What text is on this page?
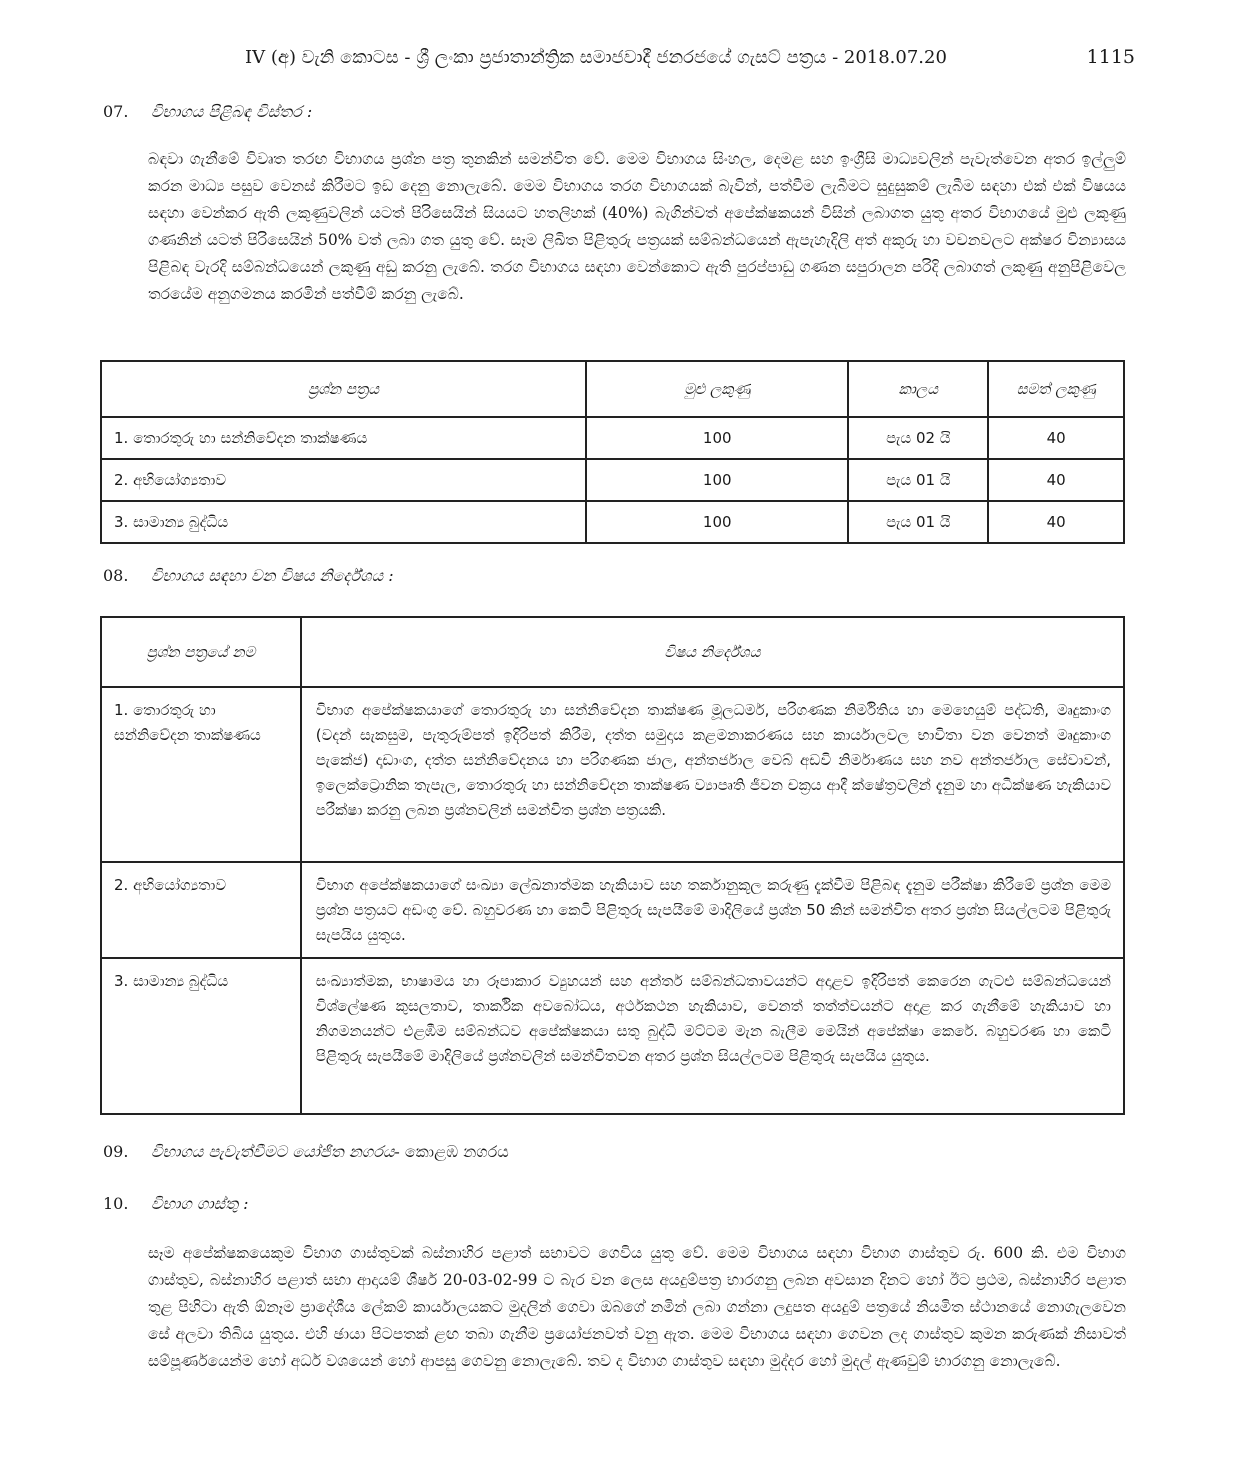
IV (අ) වැනි කොටස - ශ්‍රී ලංකා ප්‍රජාතාන්ත්‍රික සමාජවාදී ජනරජයේ ගැසට් පත්‍රය - 2018.07.20	1115
07.	විභාගය පිළිබඳ විස්තර :
බඳවා ගැනීමේ විවෘත තරඟ විභාගය ප්‍රශ්න පත්‍ර තුනකින් සමන්විත වේ. මෙම විභාගය සිංහල, දෙමළ සහ ඉංග්‍රීසි මාධ්‍යවලින් පැවැත්වෙන අතර ඉල්ලුම් කරන මාධ්‍ය පසුව වෙනස් කිරීමට ඉඩ දෙනු නොලැබේ. මෙම විභාගය තරග විභාගයක් බැවින්, පත්වීම ලැබීමට සුදුසුකම් ලැබීම සඳහා එක් එක් විෂයය සඳහා වෙන්කර ඇති ලකුණුවලින් යටත් පිරිසෙයින් සියයට හතලිහක් (40%) බැගින්වත් අපේක්ෂකයන් විසින් ලබාගත යුතු අතර විභාගයේ මුළු ලකුණු ගණනින් යටත් පිරිසෙයින් 50% වත් ලබා ගත යුතු වේ. සෑම ලිඛිත පිළිතුරු පත්‍රයක් සම්බන්ධයෙන් ඇපැහැදිලි අත් අකුරු හා වචනවලට අක්ෂර වින්‍යාසය පිළිබඳ වැරදි සම්බන්ධයෙන් ලකුණු අඩු කරනු ලැබේ. තරග විභාගය සඳහා වෙන්කොට ඇති පුරප්පාඩු ගණන සපුරාලන පරිදි ලබාගත් ලකුණු අනුපිළිවෙල තරයේම අනුගමනය කරමින් පත්වීම් කරනු ලැබේ.
ප්‍රශ්න පත්‍රය	මුළු ලකුණු	කාලය	සමත් ලකුණු
1. තොරතුරු හා සන්නිවේදන තාක්ෂණය	100	පැය 02 යි	40
2. අභියෝග්‍යතාව	100	පැය 01 යි	40
3. සාමාන්‍ය බුද්ධිය	100	පැය 01 යි	40
08.	විභාගය සඳහා වන විෂය නිර්දේශය :
ප්‍රශ්න පත්‍රයේ නම	විෂය නිර්දේශය
1. තොරතුරු හා සන්නිවේදන තාක්ෂණය	විභාග අපේක්ෂකයාගේ තොරතුරු හා සන්නිවේදන තාක්ෂණ මූලධර්ම, පරිගණක නිර්මිතිය හා මෙහෙයුම් පද්ධති, මෘදුකාංග (වදන් සැකසුම, පැතුරුම්පත් ඉදිරිපත් කිරීම, දත්ත සමුදාය කළමනාකරණය සහ කාර්යාලවල භාවිතා වන වෙනත් මෘදුකාංග පැකේජ) දෘඩාංග, දත්ත සන්නිවේදනය හා පරිගණක ජාල, අන්තර්ජාල වෙබ් අඩවි නිර්මාණය සහ නව අන්තර්ජාල සේවාවන්, ඉලෙක්ට්‍රොනික තැපැල, තොරතුරු හා සන්නිවේදන තාක්ෂණ ව්‍යාපෘති ජීවන චක්‍රය ආදී ක්ෂේත්‍රවලින් දැනුම හා අධීක්ෂණ හැකියාව පරීක්ෂා කරනු ලබන ප්‍රශ්නවලින් සමන්විත ප්‍රශ්න පත්‍රයකි.
2. අභියෝග්‍යතාව	විභාග අපේක්ෂකයාගේ සංඛ්‍යා ලේඛනාත්මක හැකියාව සහ තර්කානුකූල කරුණු දැක්වීම පිළිබඳ දැනුම පරීක්ෂා කිරීමේ ප්‍රශ්න මෙම ප්‍රශ්න පත්‍රයට අඩංගු වේ. බහුවරණ හා කෙටි පිළිතුරු සැපයීමේ මාදිලියේ ප්‍රශ්න 50 කින් සමන්විත අතර ප්‍රශ්න සියල්ලටම පිළිතුරු සැපයිය යුතුය.
3. සාමාන්‍ය බුද්ධිය	සංඛ්‍යාත්මක, භාෂාමය හා රූපාකාර ව්‍යුහයන් සහ අන්තර් සම්බන්ධතාවයන්ට අදාළව ඉදිරිපත් කෙරෙන ගැටළු සම්බන්ධයෙන් විශ්ලේෂණ කුසලතාව, තාර්කික අවබෝධය, අර්ථකථන හැකියාව, වෙනත් තත්ත්වයන්ට අදාළ කර ගැනීමේ හැකියාව හා නිගමනයන්ට එළඹීම සම්බන්ධව අපේක්ෂකයා සතු බුද්ධි මට්ටම මැන බැලීම මෙයින් අපේක්ෂා කෙරේ. බහුවරණ හා කෙටි පිළිතුරු සැපයීමේ මාදිලියේ ප්‍රශ්නවලින් සමන්විතවන අතර ප්‍රශ්න සියල්ලටම පිළිතුරු සැපයිය යුතුය.
09.	විභාගය පැවැත්වීමට යෝජිත නගරය - කොළඹ නගරය
10.	විභාග ගාස්තු :
සෑම අපේක්ෂකයෙකුම විභාග ගාස්තුවක් බස්නාහිර පළාත් සභාවට ගෙවිය යුතු වේ. මෙම විභාගය සඳහා විභාග ගාස්තුව රු. 600 කි. එම විභාග ගාස්තුව, බස්නාහිර පළාත් සභා ආදායම් ශීර්ෂ 20-03-02-99 ට බැර වන ලෙස අයදුම්පත්‍ර භාරගනු ලබන අවසාන දිනට හෝ ඊට ප්‍රථම, බස්නාහිර පළාත තුළ පිහිටා ඇති ඕනෑම ප්‍රාදේශීය ලේකම් කාර්යාලයකට මුදලින් ගෙවා ඔබගේ නමින් ලබා ගන්නා ලදුපත අයදුම් පත්‍රයේ නියමිත ස්ථානයේ නොගැලවෙන සේ අලවා තිබිය යුතුය. එහි ඡායා පිටපතක් ළඟ තබා ගැනීම ප්‍රයෝජනවත් වනු ඇත. මෙම විභාගය සඳහා ගෙවන ලද ගාස්තුව කුමන කරුණක් නිසාවත් සම්පූර්ණයෙන්ම හෝ අර්ධ වශයෙන් හෝ ආපසු ගෙවනු නොලැබේ. තව ද විභාග ගාස්තුව සඳහා මුද්දර හෝ මුදල් ඇණවුම් භාරගනු නොලැබේ.
